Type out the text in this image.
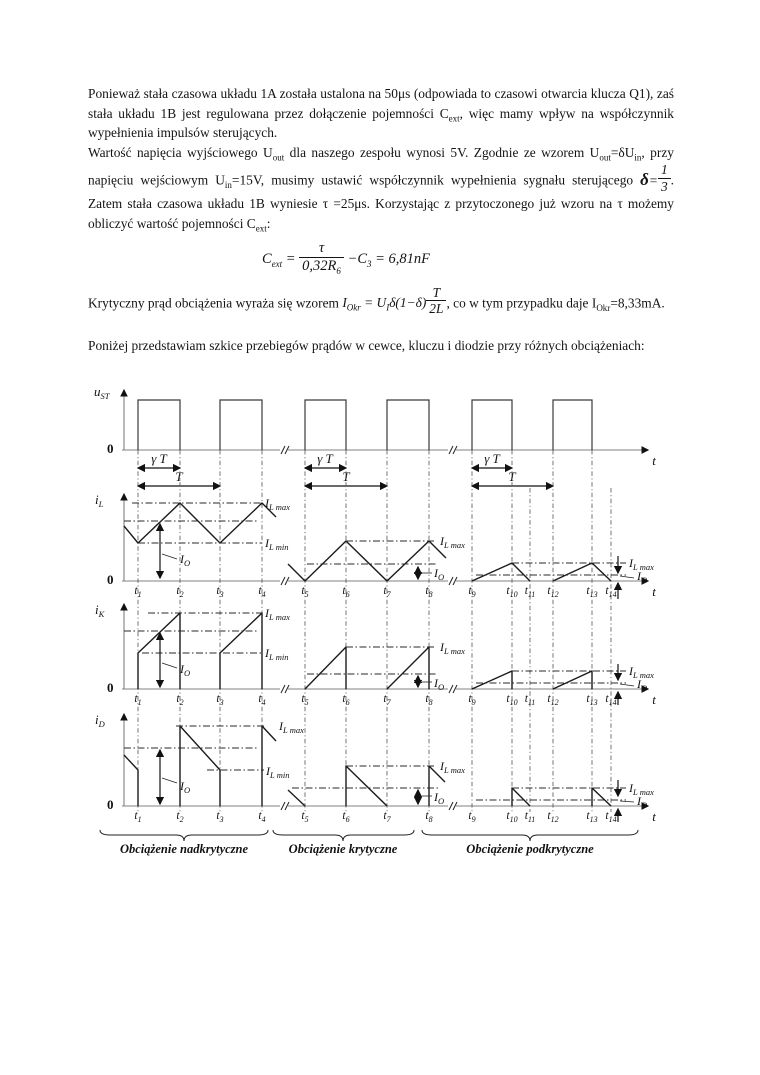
Ponieważ stała czasowa układu 1A została ustalona na 50μs (odpowiada to czasowi otwarcia klucza Q1), zaś stała układu 1B jest regulowana przez dołączenie pojemności $C_{ext}$, więc mamy wpływ na współczynnik wypełnienia impulsów sterujących.

Wartość napięcia wyjściowego $U_{out}$ dla naszego zespołu wynosi 5V. Zgodnie ze wzorem $U_{out}=\delta U_{in}$, przy napięciu wejściowym $U_{in}=15V$, musimy ustawić współczynnik wypełnienia sygnału sterującego $\delta= \frac{1}{3}$ . Zatem stała czasowa układu 1B wyniesie τ =25μs. Korzystając z przytoczonego już wzoru na τ możemy obliczyć wartość pojemności $C_{ext}$:

$C_{ext} = \frac{\tau}{0,32R_6} -C_3 = 6,81nF$

Krytyczny prąd obciążenia wyraża się wzorem $I_{Okr} = U_I\delta(1-\delta) \frac{T}{2L}$ , co w tym przypadku daje $I_{Okr}=8,33mA$.

Poniżej przedstawiam szkice przebiegów prądów w cewce, kluczu i diodzie przy różnych obciążeniach:

$u_{ST}$
0
t
γ T	γ T	γ T
T	T	T
$i_L$
0
t
$i_K$
0
t
$i_D$
0
t
Obciążenie nadkrytyczne	Obciążenie krytyczne	Obciążenie podkrytyczne
$I_{L max}$
$I_{L min}$
$I_O$
$I_{L max}$
$I_O$
$I_{L max}$
$I_O$
$t_1$	$t_2$	$t_3$	$t_4$	$t_5$	$t_6$	$t_7$	$t_8$	$t_9$	$t_{10}$ $t_{11}$ $t_{12}$ $t_{13}$ $t_{14}$
$I_{L max}$
$I_{L min}$
$I_O$
$I_{L max}$
$I_O$
$I_{L max}$
$I_O$
$t_1$	$t_2$	$t_3$	$t_4$	$t_5$	$t_6$	$t_7$	$t_8$	$t_9$	$t_{10}$ $t_{11}$ $t_{12}$ $t_{13}$ $t_{14}$
$I_{L max}$
$I_{L min}$
$I_O$
$I_{L max}$
$I_O$
$I_{L max}$
$I_O$
$t_1$	$t_2$	$t_3$	$t_4$	$t_5$	$t_6$	$t_7$	$t_8$	$t_9$	$t_{10}$ $t_{11}$ $t_{12}$ $t_{13}$ $t_{14}$
